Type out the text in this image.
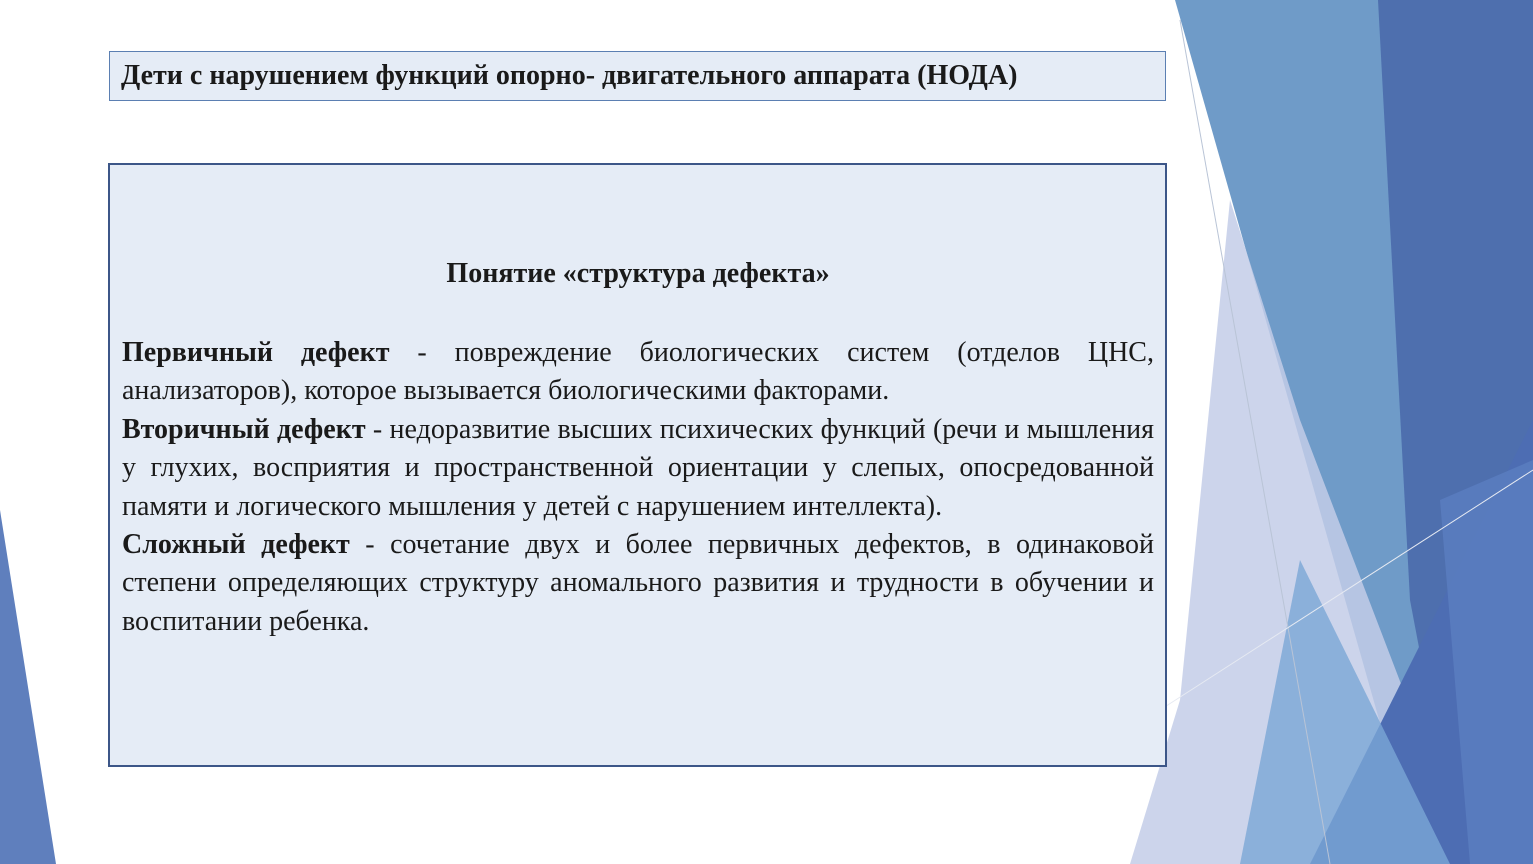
Дети с нарушением функций опорно- двигательного аппарата (НОДА)
Понятие «структура дефекта»

Первичный дефект - повреждение биологических систем (отделов ЦНС, анализаторов), которое вызывается биологическими факторами.

Вторичный дефект - недоразвитие высших психических функций (речи и мышления у глухих, восприятия и пространственной ориентации у слепых, опосредованной памяти и логического мышления у детей с нарушением интеллекта).

Сложный дефект - сочетание двух и более первичных дефектов, в одинаковой степени определяющих структуру аномального развития и трудности в обучении и воспитании ребенка.
